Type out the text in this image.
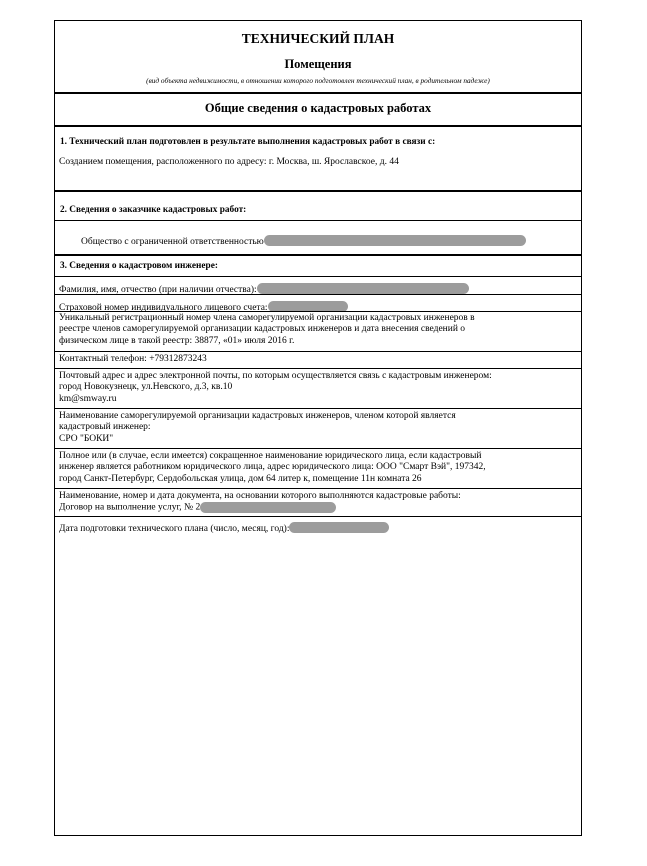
ТЕХНИЧЕСКИЙ ПЛАН
Помещения
(вид объекта недвижимости, в отношении которого подготовлен технический план, в родительном падеже)
Общие сведения о кадастровых работах
1. Технический план подготовлен в результате выполнения кадастровых работ в связи с:
Созданием помещения, расположенного по адресу: г. Москва, ш. Ярославское, д. 44
2. Сведения о заказчике кадастровых работ:
Общество с ограниченной ответственностью
3. Сведения о кадастровом инженере:
Фамилия, имя, отчество (при наличии отчества):
Страховой номер индивидуального лицевого счета:
Уникальный регистрационный номер члена саморегулируемой организации кадастровых инженеров в
реестре членов саморегулируемой организации кадастровых инженеров и дата внесения сведений о
физическом лице в такой реестр: 38877, «01» июля 2016 г.
Контактный телефон: +79312873243
Почтовый адрес и адрес электронной почты, по которым осуществляется связь с кадастровым инженером:
город Новокузнецк, ул.Невского, д.3, кв.10
km@smway.ru
Наименование саморегулируемой организации кадастровых инженеров, членом которой является
кадастровый инженер:
СРО "БОКИ"
Полное или (в случае, если имеется) сокращенное наименование юридического лица, если кадастровый
инженер является работником юридического лица, адрес юридического лица: ООО "Смарт Вэй", 197342,
город Санкт-Петербург, Сердобольская улица, дом 64 литер к, помещение 11н комната 26
Наименование, номер и дата документа, на основании которого выполняются кадастровые работы:
Договор на выполнение услуг, № 2
Дата подготовки технического плана (число, месяц, год):
